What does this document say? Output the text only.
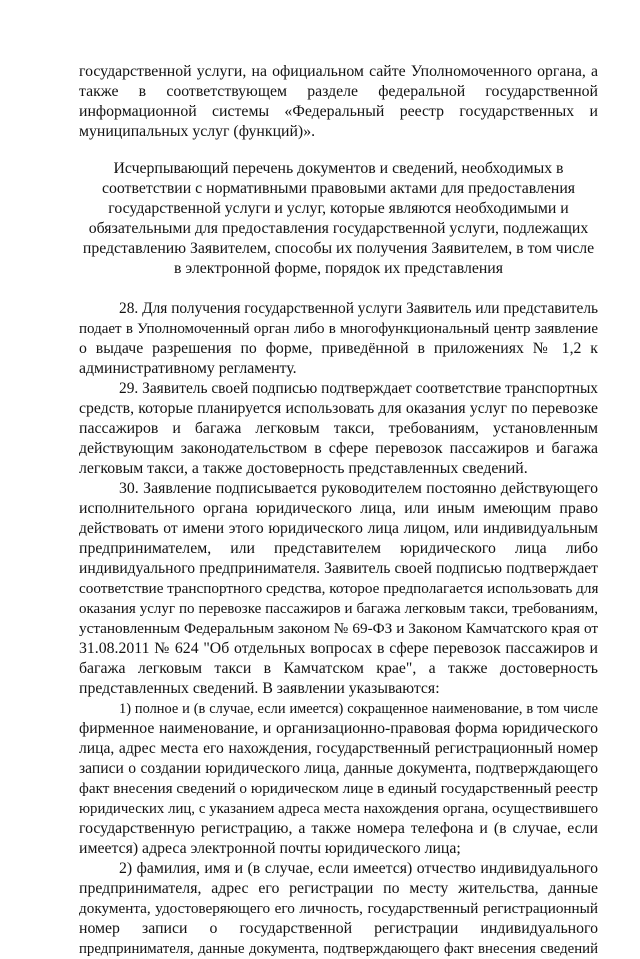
государственной услуги, на официальном сайте Уполномоченного органа, а
также в соответствующем разделе федеральной государственной
информационной системы «Федеральный реестр государственных и
муниципальных услуг (функций)».
Исчерпывающий перечень документов и сведений, необходимых в
соответствии с нормативными правовыми актами для предоставления
государственной услуги и услуг, которые являются необходимыми и
обязательными для предоставления государственной услуги, подлежащих
представлению Заявителем, способы их получения Заявителем, в том числе
в электронной форме, порядок их представления
28. Для получения государственной услуги Заявитель или представитель
подает в Уполномоченный орган либо в многофункциональный центр заявление
о выдаче разрешения по форме, приведённой в приложениях № 1,2 к
административному регламенту.
29. Заявитель своей подписью подтверждает соответствие транспортных
средств, которые планируется использовать для оказания услуг по перевозке
пассажиров и багажа легковым такси, требованиям, установленным
действующим законодательством в сфере перевозок пассажиров и багажа
легковым такси, а также достоверность представленных сведений.
30. Заявление подписывается руководителем постоянно действующего
исполнительного органа юридического лица, или иным имеющим право
действовать от имени этого юридического лица лицом, или индивидуальным
предпринимателем, или представителем юридического лица либо
индивидуального предпринимателя. Заявитель своей подписью подтверждает
соответствие транспортного средства, которое предполагается использовать для
оказания услуг по перевозке пассажиров и багажа легковым такси, требованиям,
установленным Федеральным законом № 69-ФЗ и Законом Камчатского края от
31.08.2011 № 624 "Об отдельных вопросах в сфере перевозок пассажиров и
багажа легковым такси в Камчатском крае", а также достоверность
представленных сведений. В заявлении указываются:
1) полное и (в случае, если имеется) сокращенное наименование, в том числе
фирменное наименование, и организационно-правовая форма юридического
лица, адрес места его нахождения, государственный регистрационный номер
записи о создании юридического лица, данные документа, подтверждающего
факт внесения сведений о юридическом лице в единый государственный реестр
юридических лиц, с указанием адреса места нахождения органа, осуществившего
государственную регистрацию, а также номера телефона и (в случае, если
имеется) адреса электронной почты юридического лица;
2) фамилия, имя и (в случае, если имеется) отчество индивидуального
предпринимателя, адрес его регистрации по месту жительства, данные
документа, удостоверяющего его личность, государственный регистрационный
номер записи о государственной регистрации индивидуального
предпринимателя, данные документа, подтверждающего факт внесения сведений
